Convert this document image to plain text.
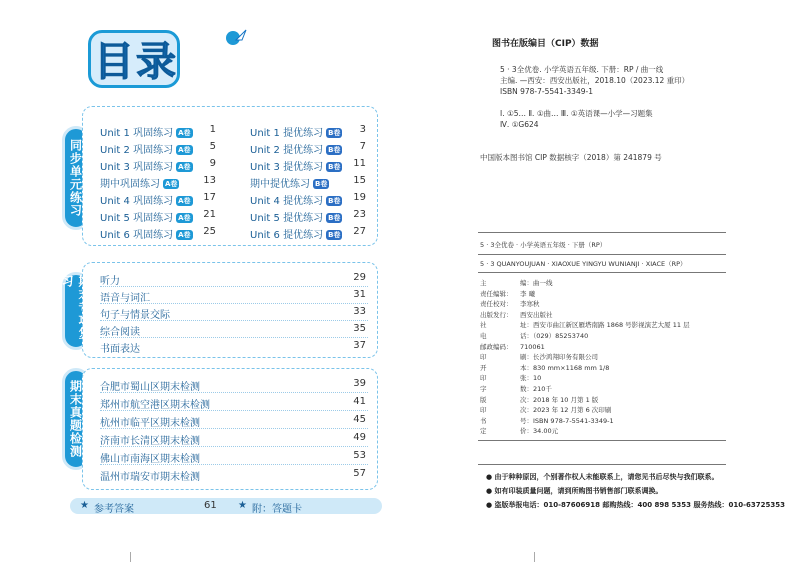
目录
同步单元练习
习
期末真题检测
Unit 1 巩固练习 A卷	1
Unit 2 巩固练习 A卷	5
Unit 3 巩固练习 A卷	9
期中巩固练习 A卷	13
Unit 4 巩固练习 A卷	17
Unit 5 巩固练习 A卷	21
Unit 6 巩固练习 A卷	25
Unit 1 提优练习 B卷	3
Unit 2 提优练习 B卷	7
Unit 3 提优练习 B卷	11
期中提优练习 B卷	15
Unit 4 提优练习 B卷	19
Unit 5 提优练习 B卷	23
Unit 6 提优练习 B卷	27
听力	29
语音与词汇	31
句子与情景交际	33
综合阅读	35
书面表达	37
合肥市蜀山区期末检测	39
郑州市航空港区期末检测	41
杭州市临平区期末检测	45
济南市长清区期末检测	49
佛山市南海区期末检测	53
温州市瑞安市期末检测	57
★ 参考答案	61 ★ 附：答题卡
图书在版编目（CIP）数据
5 · 3全优卷. 小学英语五年级. 下册：RP / 曲一线
主编. —西安：西安出版社，2018.10（2023.12 重印）
ISBN 978-7-5541-3349-1
Ⅰ. ①5… Ⅱ. ①曲… Ⅲ. ①英语课—小学—习题集
Ⅳ. ①G624
中国版本图书馆 CIP 数据核字（2018）第 241879 号
5 · 3全优卷 · 小学英语五年级 · 下册（RP）
5 · 3 QUANYOUJUAN · XIAOXUE YINGYU WUNIANJI · XIACE（RP）
主	编：曲一线
责任编辑：	李 曦
责任校对：	李寒秋
出版发行：	西安出版社
社	址：西安市曲江新区雁塔南路 1868 号影视演艺大厦 11 层
电	话：（029）85253740
邮政编码：	710061
印	刷：长沙鸿翔印务有限公司
开	本：830 mm×1168 mm 1/8
印	张：10
字	数：210千
版	次：2018 年 10 月第 1 版
印	次：2023 年 12 月第 6 次印刷
书	号：ISBN 978-7-5541-3349-1
定	价：34.00元
● 由于种种原因，个别著作权人未能联系上，请您见书后尽快与我们联系。
● 如有印装质量问题，请到所购图书销售部门联系调换。
● 盗版举报电话：010-87606918 邮购热线：400 898 5353 服务热线：010-63725353
